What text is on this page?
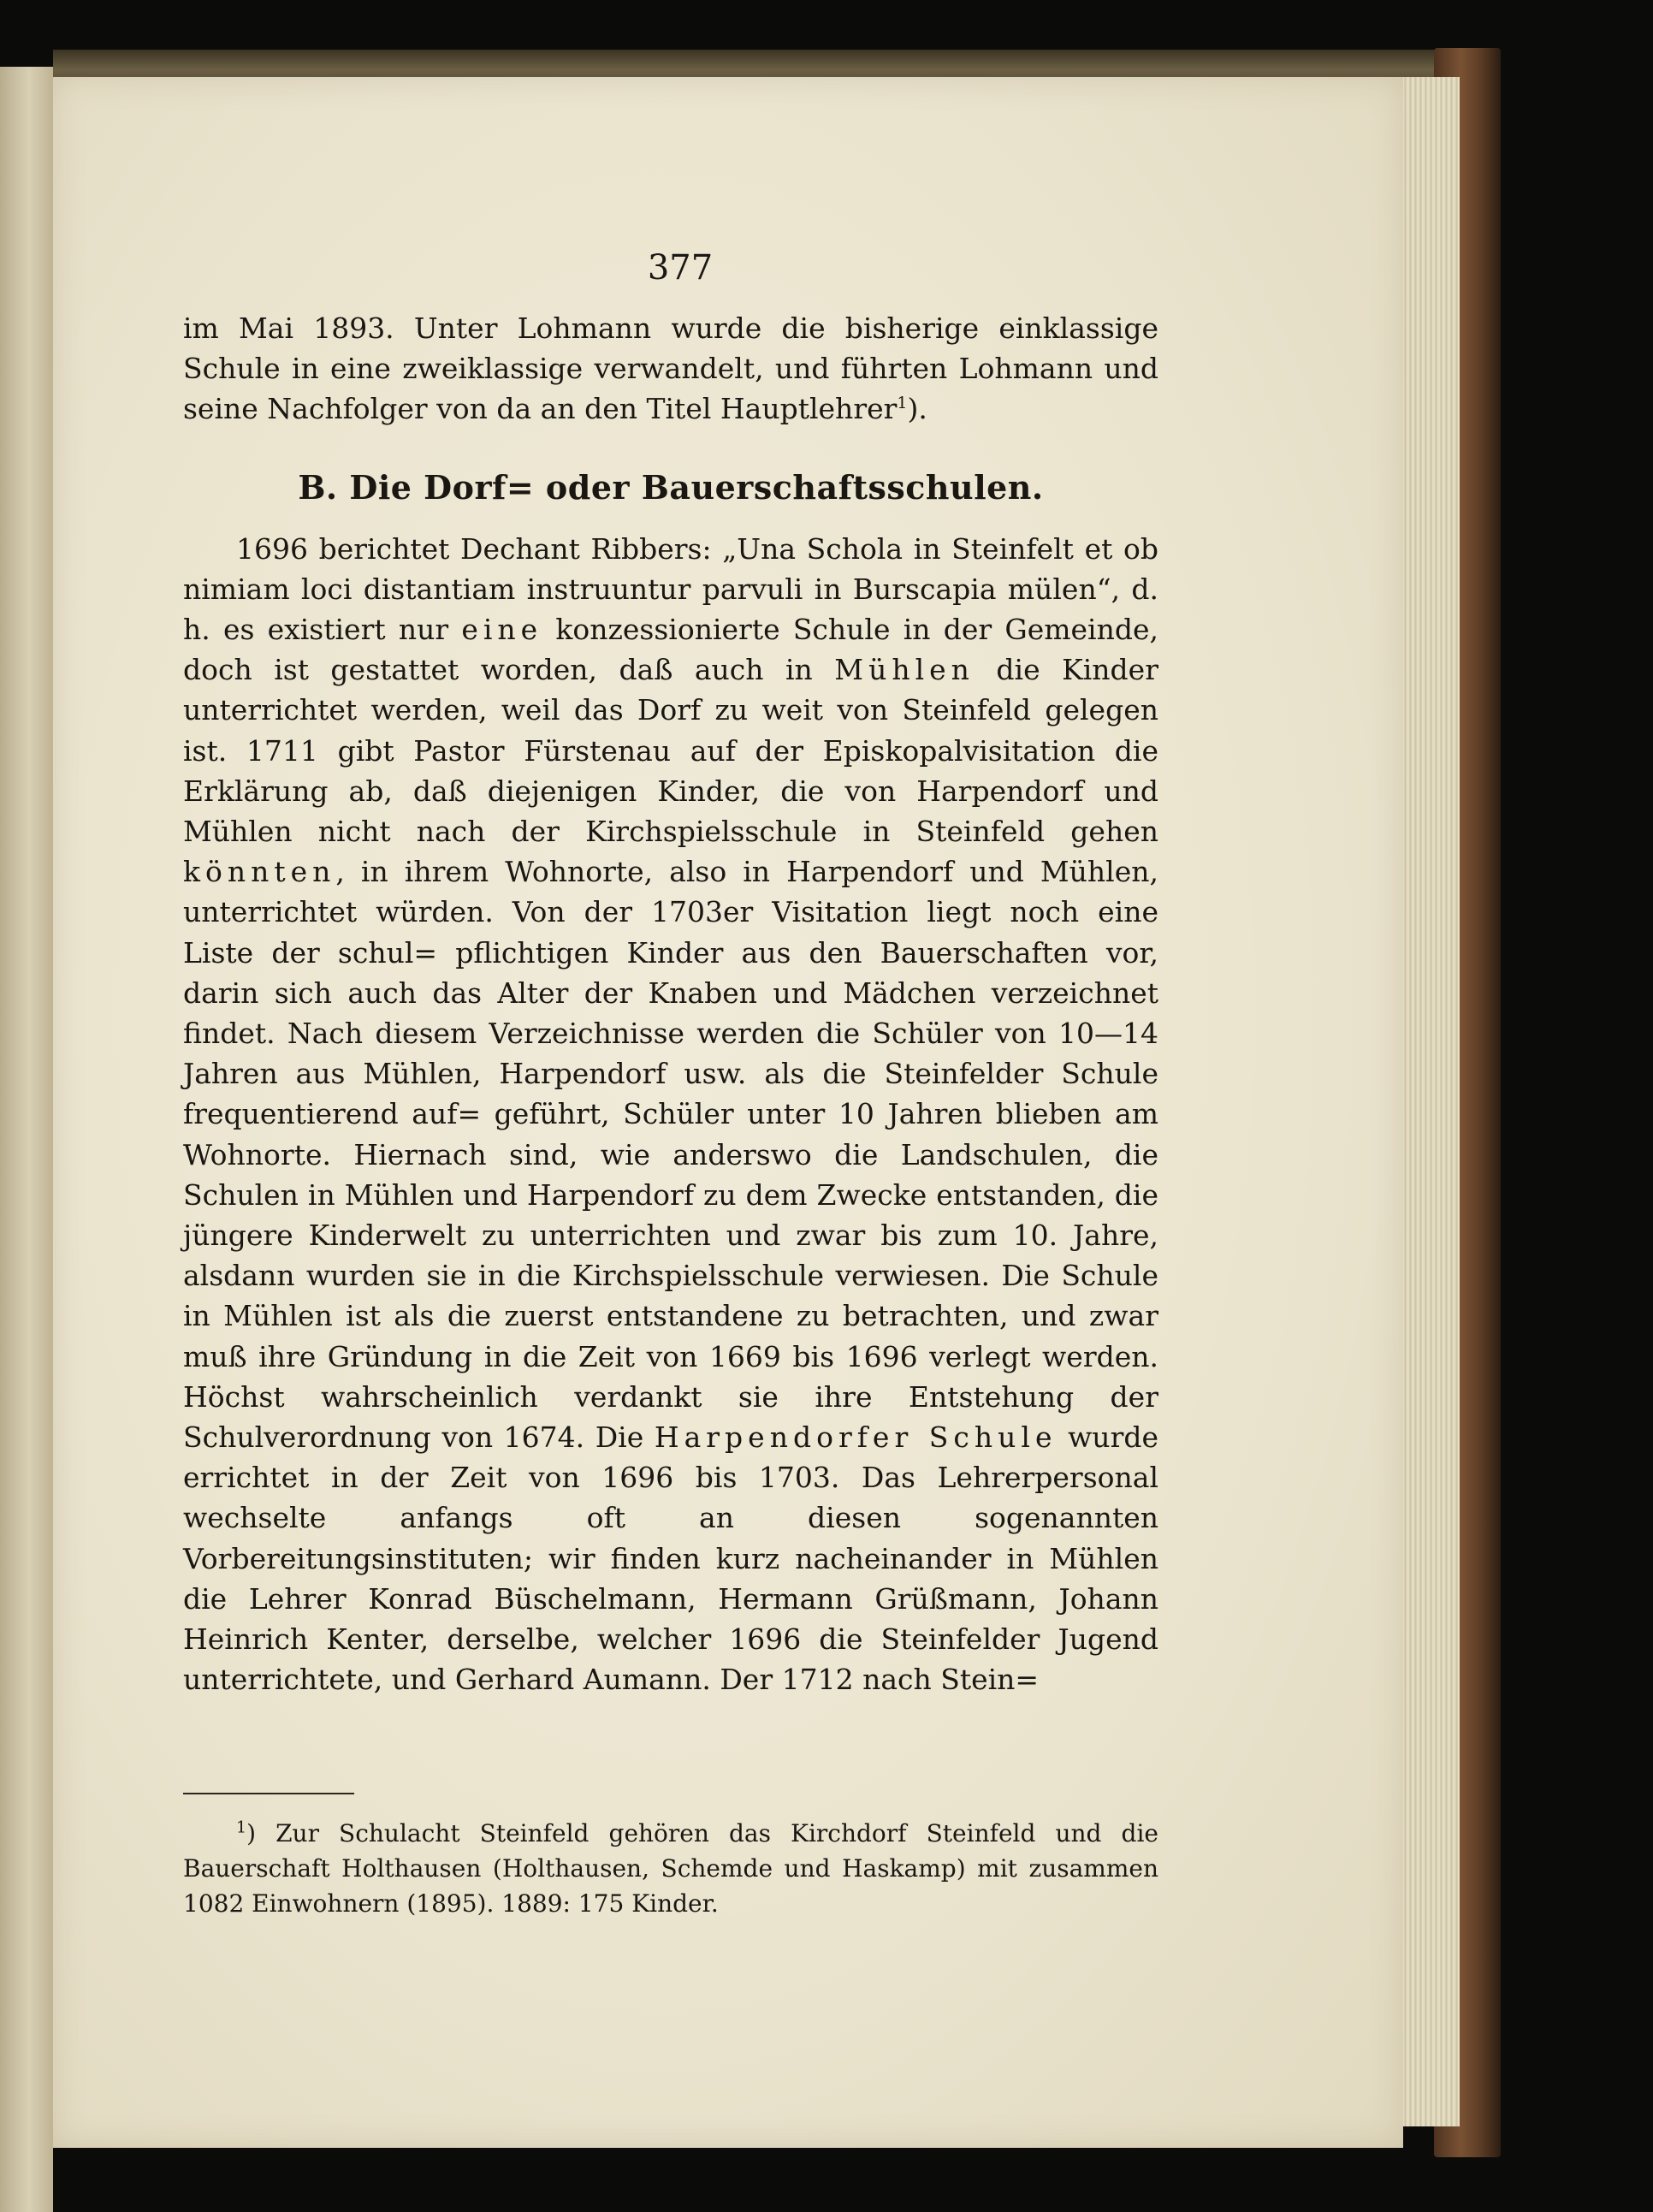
377

im Mai 1893. Unter Lohmann wurde die bisherige einklassige Schule in eine zweiklassige verwandelt, und führten Lohmann und seine Nachfolger von da an den Titel Hauptlehrer$^1$).

B. Die Dorf= oder Bauerschaftsschulen.

1696 berichtet Dechant Ribbers: „Una Schola in Steinfelt et ob nimiam loci distantiam instruuntur parvuli in Burscapia mülen“, d. h. es existiert nur eine konzessionierte Schule in der Gemeinde, doch ist gestattet worden, daß auch in Mühlen die Kinder unterrichtet werden, weil das Dorf zu weit von Steinfeld gelegen ist. 1711 gibt Pastor Fürstenau auf der Episkopalvisitation die Erklärung ab, daß diejenigen Kinder, die von Harpendorf und Mühlen nicht nach der Kirchspielsschule in Steinfeld gehen könnten, in ihrem Wohnorte, also in Harpendorf und Mühlen, unterrichtet würden. Von der 1703er Visitation liegt noch eine Liste der schul= pflichtigen Kinder aus den Bauerschaften vor, darin sich auch das Alter der Knaben und Mädchen verzeichnet findet. Nach diesem Verzeichnisse werden die Schüler von 10—14 Jahren aus Mühlen, Harpendorf usw. als die Steinfelder Schule frequentierend auf= geführt, Schüler unter 10 Jahren blieben am Wohnorte. Hiernach sind, wie anderswo die Landschulen, die Schulen in Mühlen und Harpendorf zu dem Zwecke entstanden, die jüngere Kinderwelt zu unterrichten und zwar bis zum 10. Jahre, alsdann wurden sie in die Kirchspielsschule verwiesen. Die Schule in Mühlen ist als die zuerst entstandene zu betrachten, und zwar muß ihre Gründung in die Zeit von 1669 bis 1696 verlegt werden. Höchst wahrscheinlich verdankt sie ihre Entstehung der Schulverordnung von 1674. Die Harpendorfer Schule wurde errichtet in der Zeit von 1696 bis 1703. Das Lehrerpersonal wechselte anfangs oft an diesen sogenannten Vorbereitungsinstituten; wir finden kurz nacheinander in Mühlen die Lehrer Konrad Büschelmann, Hermann Grüßmann, Johann Heinrich Kenter, derselbe, welcher 1696 die Steinfelder Jugend unterrichtete, und Gerhard Aumann. Der 1712 nach Stein=

$^1$) Zur Schulacht Steinfeld gehören das Kirchdorf Steinfeld und die Bauerschaft Holthausen (Holthausen, Schemde und Haskamp) mit zusammen 1082 Einwohnern (1895). 1889: 175 Kinder.
